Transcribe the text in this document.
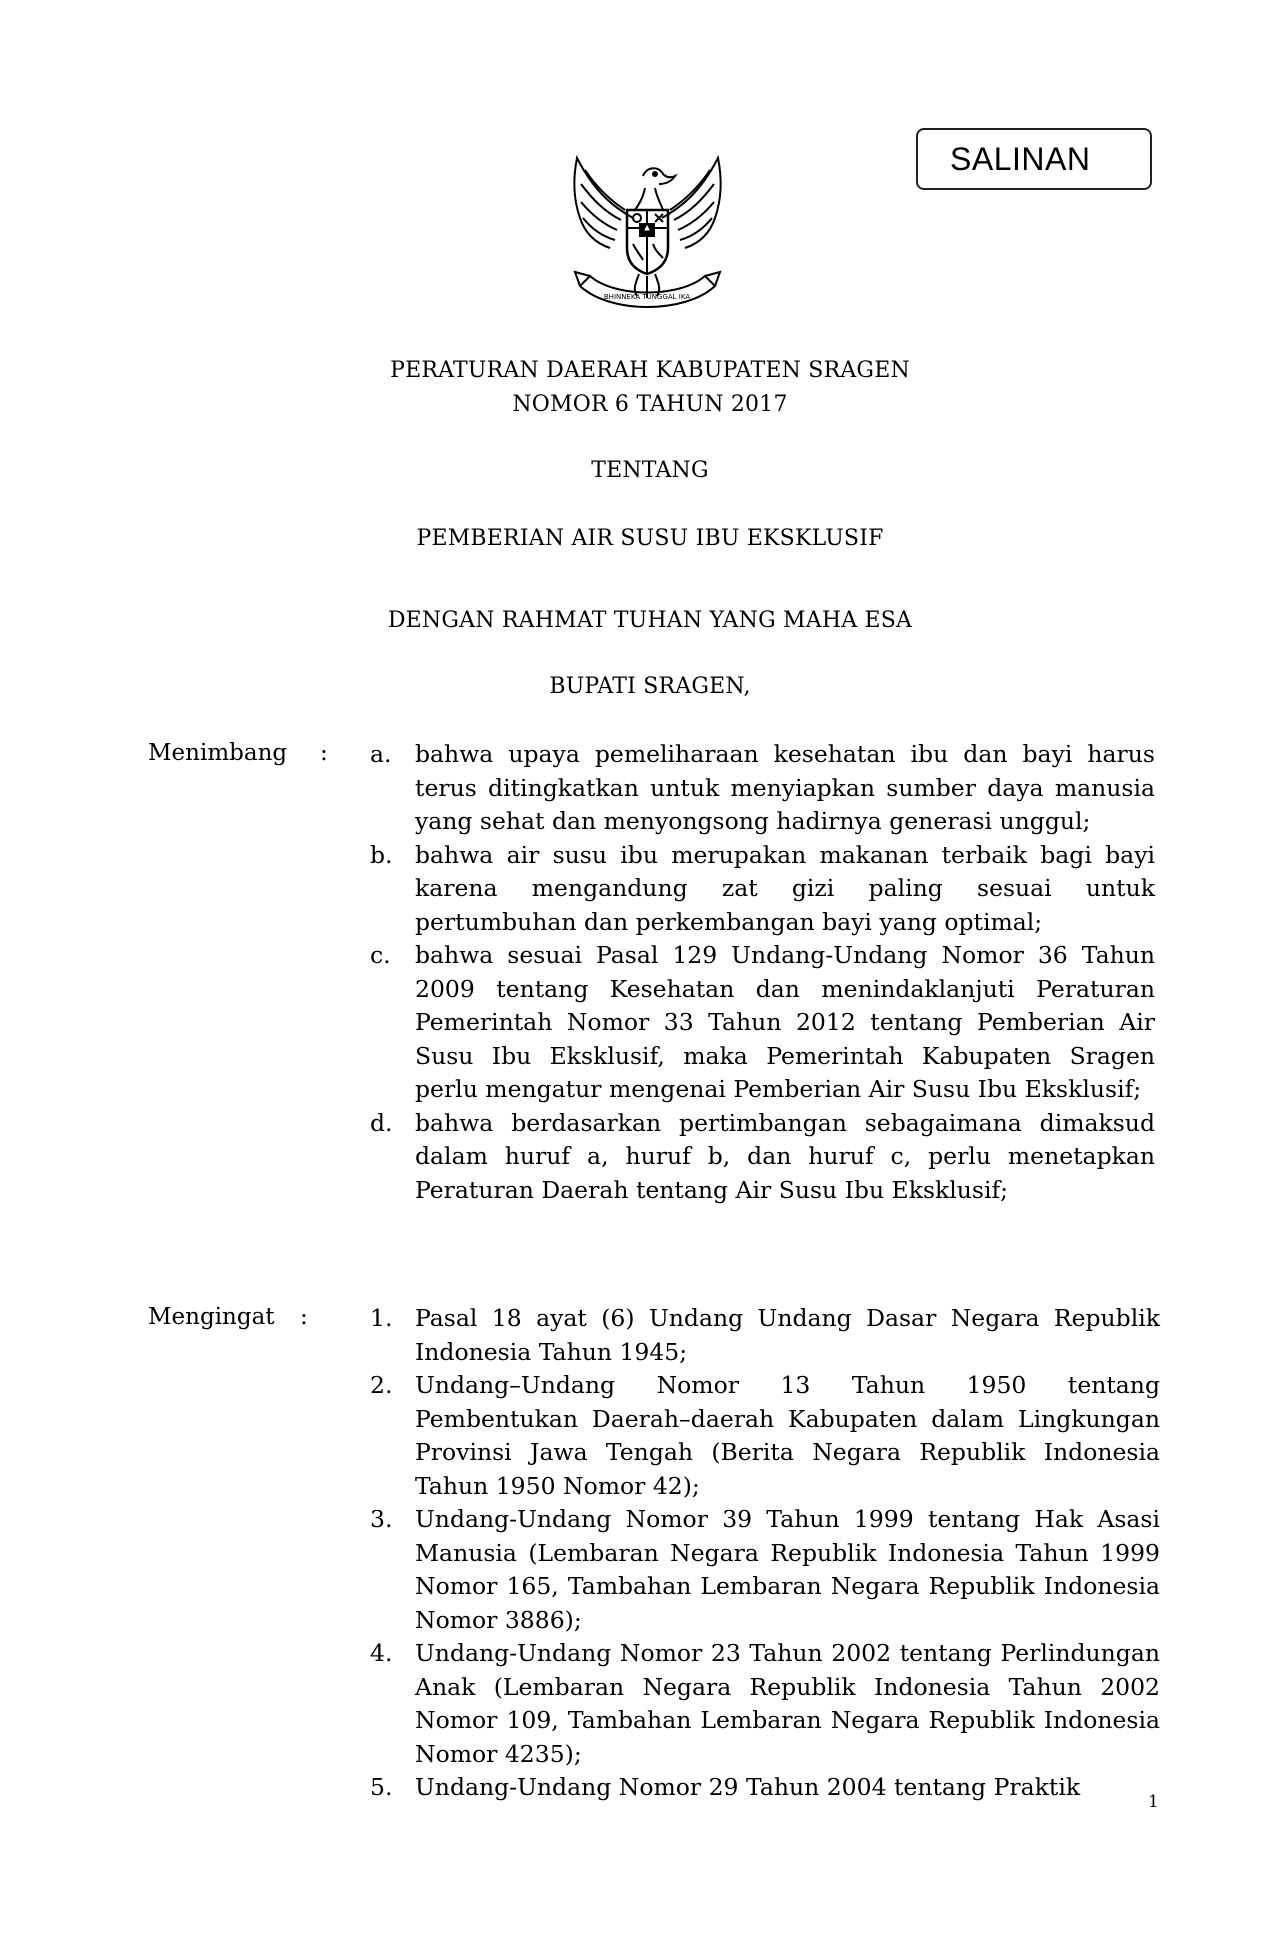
SALINAN
BHINNEKA TUNGGAL IKA
PERATURAN DAERAH KABUPATEN SRAGEN
NOMOR 6 TAHUN 2017
TENTANG
PEMBERIAN AIR SUSU IBU EKSKLUSIF
DENGAN RAHMAT TUHAN YANG MAHA ESA
BUPATI SRAGEN,
Menimbang : a. bahwa upaya pemeliharaan kesehatan ibu dan bayi harus terus ditingkatkan untuk menyiapkan sumber daya manusia yang sehat dan menyongsong hadirnya generasi unggul;
b. bahwa air susu ibu merupakan makanan terbaik bagi bayi karena mengandung zat gizi paling sesuai untuk pertumbuhan dan perkembangan bayi yang optimal;
c. bahwa sesuai Pasal 129 Undang-Undang Nomor 36 Tahun 2009 tentang Kesehatan dan menindaklanjuti Peraturan Pemerintah Nomor 33 Tahun 2012 tentang Pemberian Air Susu Ibu Eksklusif, maka Pemerintah Kabupaten Sragen perlu mengatur mengenai Pemberian Air Susu Ibu Eksklusif;
d. bahwa berdasarkan pertimbangan sebagaimana dimaksud dalam huruf a, huruf b, dan huruf c, perlu menetapkan Peraturan Daerah tentang Air Susu Ibu Eksklusif;
Mengingat :	1. Pasal 18 ayat (6) Undang Undang Dasar Negara Republik Indonesia Tahun 1945;
2. Undang–Undang Nomor 13 Tahun 1950 tentang Pembentukan Daerah–daerah Kabupaten dalam Lingkungan Provinsi Jawa Tengah (Berita Negara Republik Indonesia Tahun 1950 Nomor 42);
3. Undang-Undang Nomor 39 Tahun 1999 tentang Hak Asasi Manusia (Lembaran Negara Republik Indonesia Tahun 1999 Nomor 165, Tambahan Lembaran Negara Republik Indonesia Nomor 3886);
4. Undang-Undang Nomor 23 Tahun 2002 tentang Perlindungan Anak (Lembaran Negara Republik Indonesia Tahun 2002 Nomor 109, Tambahan Lembaran Negara Republik Indonesia Nomor 4235);
5. Undang-Undang Nomor 29 Tahun 2004 tentang Praktik
1
